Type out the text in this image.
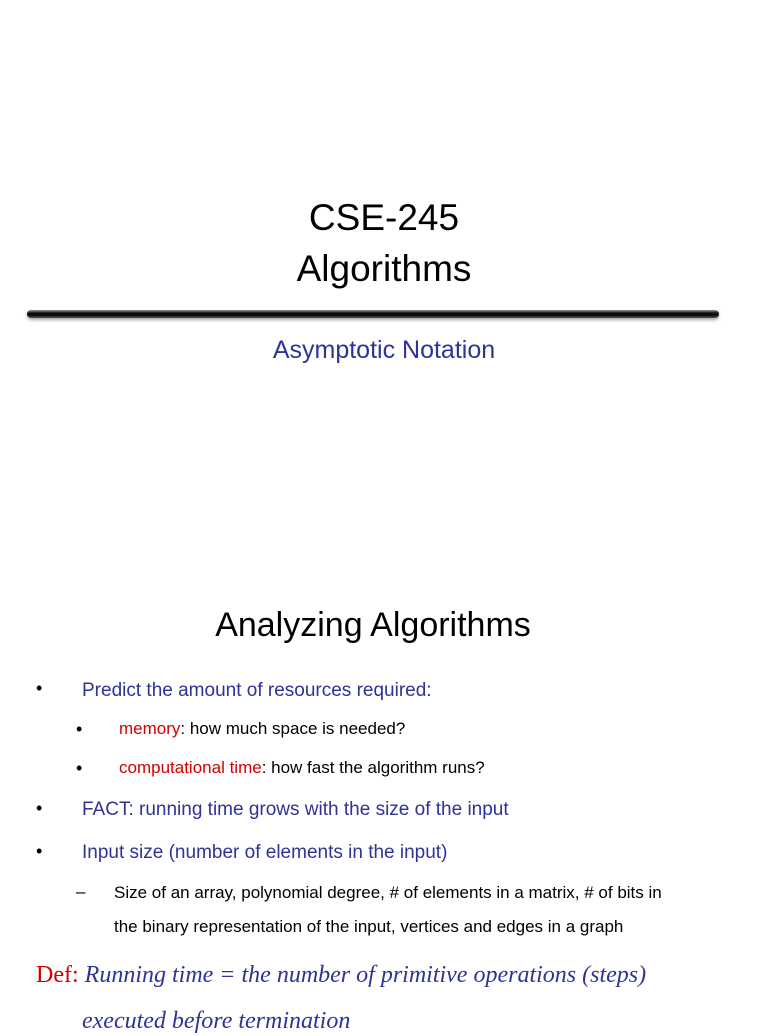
CSE-245
Algorithms
Asymptotic Notation
Analyzing Algorithms
• Predict the amount of resources required:
• memory: how much space is needed?
• computational time: how fast the algorithm runs?
• FACT: running time grows with the size of the input
• Input size (number of elements in the input)
– Size of an array, polynomial degree, # of elements in a matrix, # of bits in
the binary representation of the input, vertices and edges in a graph
Def: Running time = the number of primitive operations (steps)
executed before termination
